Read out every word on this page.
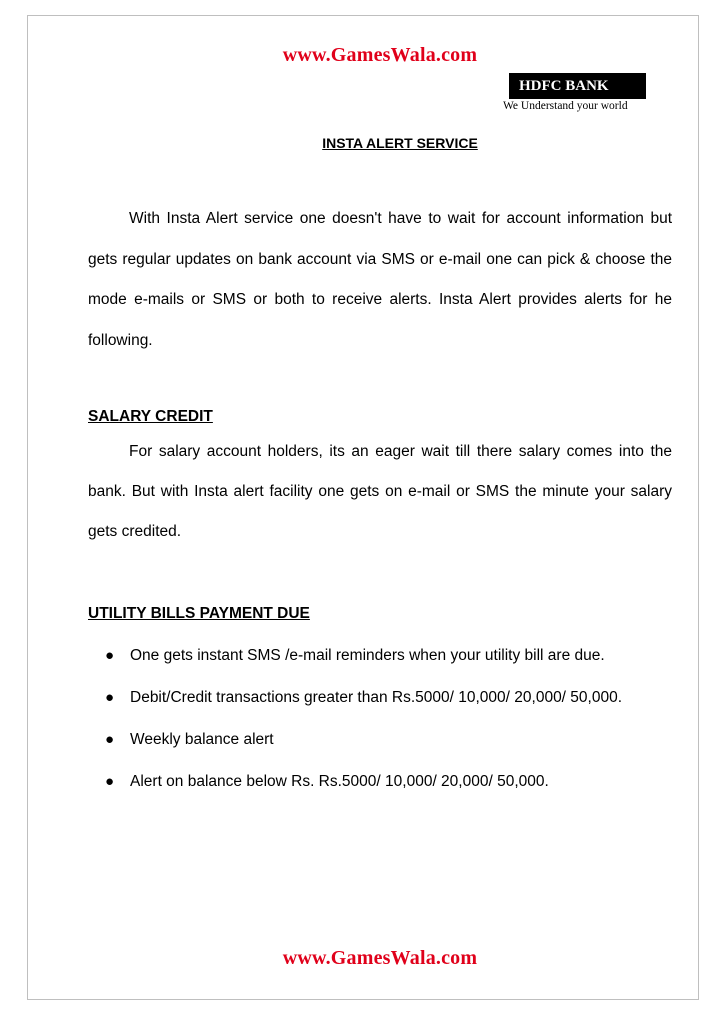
www.GamesWala.com
HDFC BANK
We Understand your world
INSTA ALERT SERVICE

With Insta Alert service one doesn't have to wait for account information but gets regular updates on bank account via SMS or e-mail one can pick & choose the mode e-mails or SMS or both to receive alerts. Insta Alert provides alerts for he following.

SALARY CREDIT

For salary account holders, its an eager wait till there salary comes into the bank. But with Insta alert facility one gets on e-mail or SMS the minute your salary gets credited.

UTILITY BILLS PAYMENT DUE
● One gets instant SMS /e-mail reminders when your utility bill are due.
● Debit/Credit transactions greater than Rs.5000/ 10,000/ 20,000/ 50,000.
● Weekly balance alert
● Alert on balance below Rs. Rs.5000/ 10,000/ 20,000/ 50,000.
www.GamesWala.com
